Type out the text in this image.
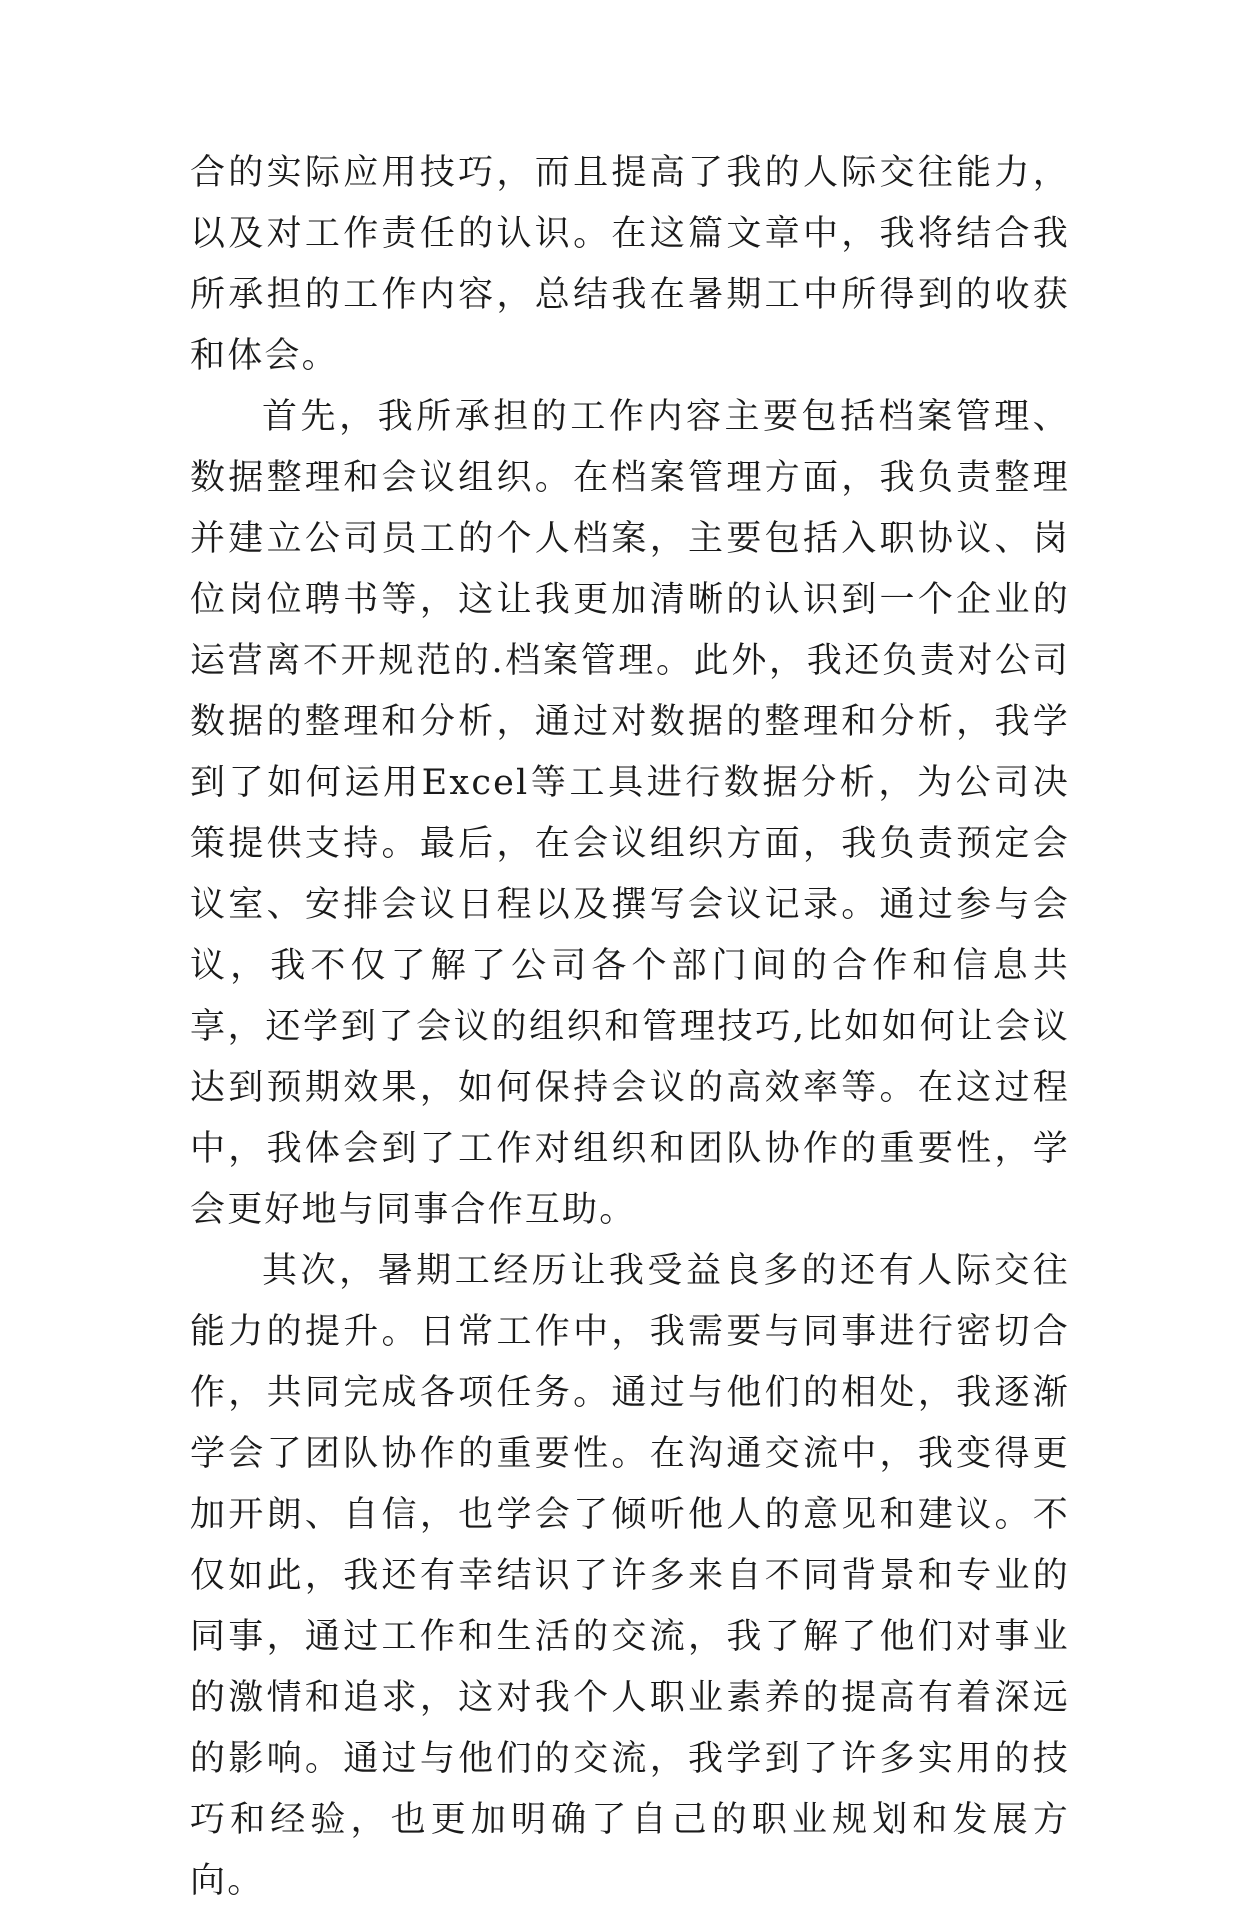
合的实际应用技巧，而且提高了我的人际交往能力，以及对工作责任的认识。在这篇文章中，我将结合我所承担的工作内容，总结我在暑期工中所得到的收获和体会。

首先，我所承担的工作内容主要包括档案管理、数据整理和会议组织。在档案管理方面，我负责整理并建立公司员工的个人档案，主要包括入职协议、岗位岗位聘书等，这让我更加清晰的认识到一个企业的运营离不开规范的.档案管理。此外，我还负责对公司数据的整理和分析，通过对数据的整理和分析，我学到了如何运用Excel等工具进行数据分析，为公司决策提供支持。最后，在会议组织方面，我负责预定会议室、安排会议日程以及撰写会议记录。通过参与会议，我不仅了解了公司各个部门间的合作和信息共享，还学到了会议的组织和管理技巧,比如如何让会议达到预期效果，如何保持会议的高效率等。在这过程中，我体会到了工作对组织和团队协作的重要性，学会更好地与同事合作互助。

其次，暑期工经历让我受益良多的还有人际交往能力的提升。日常工作中，我需要与同事进行密切合作，共同完成各项任务。通过与他们的相处，我逐渐学会了团队协作的重要性。在沟通交流中，我变得更加开朗、自信，也学会了倾听他人的意见和建议。不仅如此，我还有幸结识了许多来自不同背景和专业的同事，通过工作和生活的交流，我了解了他们对事业的激情和追求，这对我个人职业素养的提高有着深远的影响。通过与他们的交流，我学到了许多实用的技巧和经验，也更加明确了自己的职业规划和发展方向。
